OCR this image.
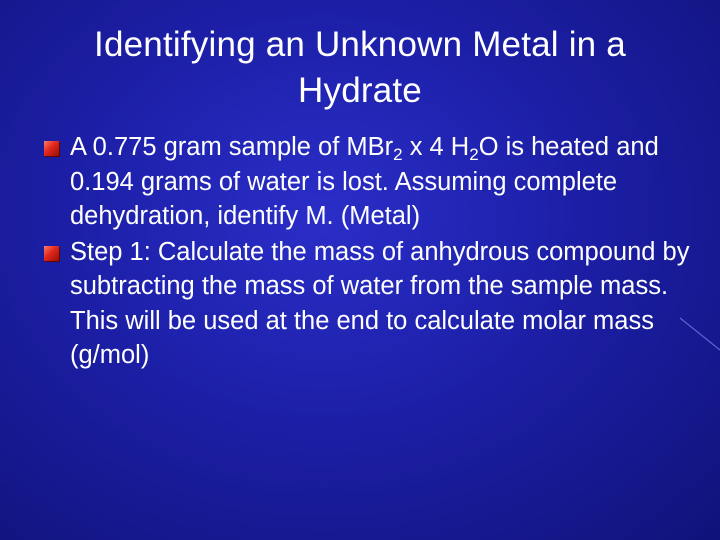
Identifying an Unknown Metal in a
Hydrate
A 0.775 gram sample of MBr$_2$ x 4 $H_2O$ is heated and 0.194 grams of water is lost. Assuming complete dehydration, identify M. (Metal)
Step 1: Calculate the mass of anhydrous compound by subtracting the mass of water from the sample mass. This will be used at the end to calculate molar mass (g/mol)
